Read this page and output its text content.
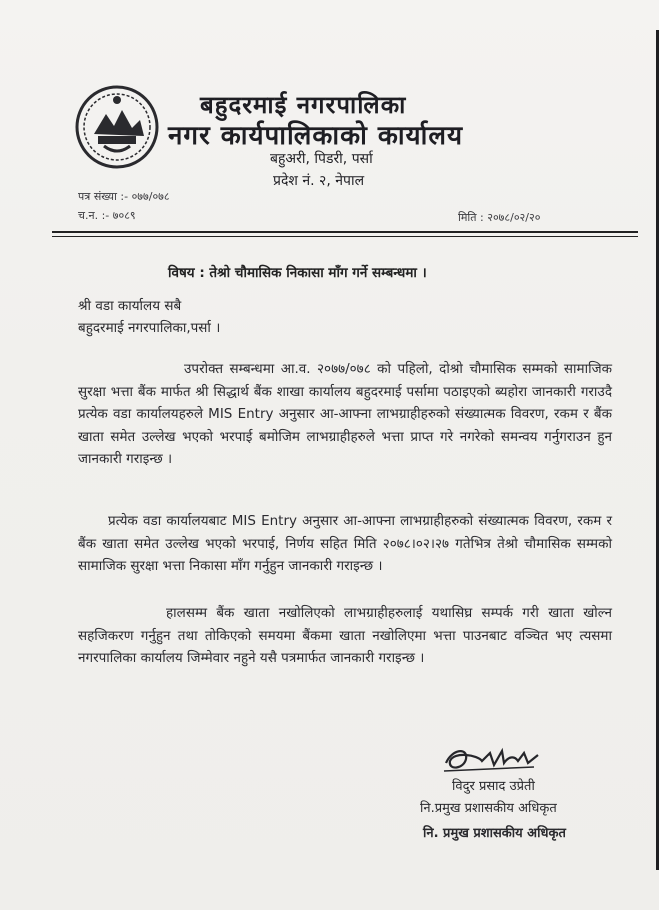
बहुदरमाई नगरपालिका
नगर कार्यपालिकाको कार्यालय
बहुअरी, पिडरी, पर्सा
प्रदेश नं. २, नेपाल
पत्र संख्या :- ०७७/०७८
च.न. :- ७०८९	मिति : २०७८/०२/२०
विषय : तेश्रो चौमासिक निकासा माँग गर्ने सम्बन्धमा ।
श्री वडा कार्यालय सबै
बहुदरमाई नगरपालिका,पर्सा ।
उपरोक्त सम्बन्धमा आ.व. २०७७/०७८ को पहिलो, दोश्रो चौमासिक सम्मको सामाजिक सुरक्षा भत्ता बैंक मार्फत श्री सिद्धार्थ बैंक शाखा कार्यालय बहुदरमाई पर्सामा पठाइएको ब्यहोरा जानकारी गराउदै प्रत्येक वडा कार्यालयहरुले MIS Entry अनुसार आ-आफ्ना लाभग्राहीहरुको संख्यात्मक विवरण, रकम र बैंक खाता समेत उल्लेख भएको भरपाई बमोजिम लाभग्राहीहरुले भत्ता प्राप्त गरे नगरेको समन्वय गर्नुगराउन हुन जानकारी गराइन्छ ।
प्रत्येक वडा कार्यालयबाट MIS Entry अनुसार आ-आफ्ना लाभग्राहीहरुको संख्यात्मक विवरण, रकम र बैंक खाता समेत उल्लेख भएको भरपाई, निर्णय सहित मिति २०७८।०२।२७ गतेभित्र तेश्रो चौमासिक सम्मको सामाजिक सुरक्षा भत्ता निकासा माँग गर्नुहुन जानकारी गराइन्छ ।
हालसम्म बैंक खाता नखोलिएको लाभग्राहीहरुलाई यथासिघ्र सम्पर्क गरी खाता खोल्न सहजिकरण गर्नुहुन तथा तोकिएको समयमा बैंकमा खाता नखोलिएमा भत्ता पाउनबाट वञ्चित भए त्यसमा नगरपालिका कार्यालय जिम्मेवार नहुने यसै पत्रमार्फत जानकारी गराइन्छ ।
विदुर प्रसाद उप्रेती
नि.प्रमुख प्रशासकीय अधिकृत
नि. प्रमुख प्रशासकीय अधिकृत
